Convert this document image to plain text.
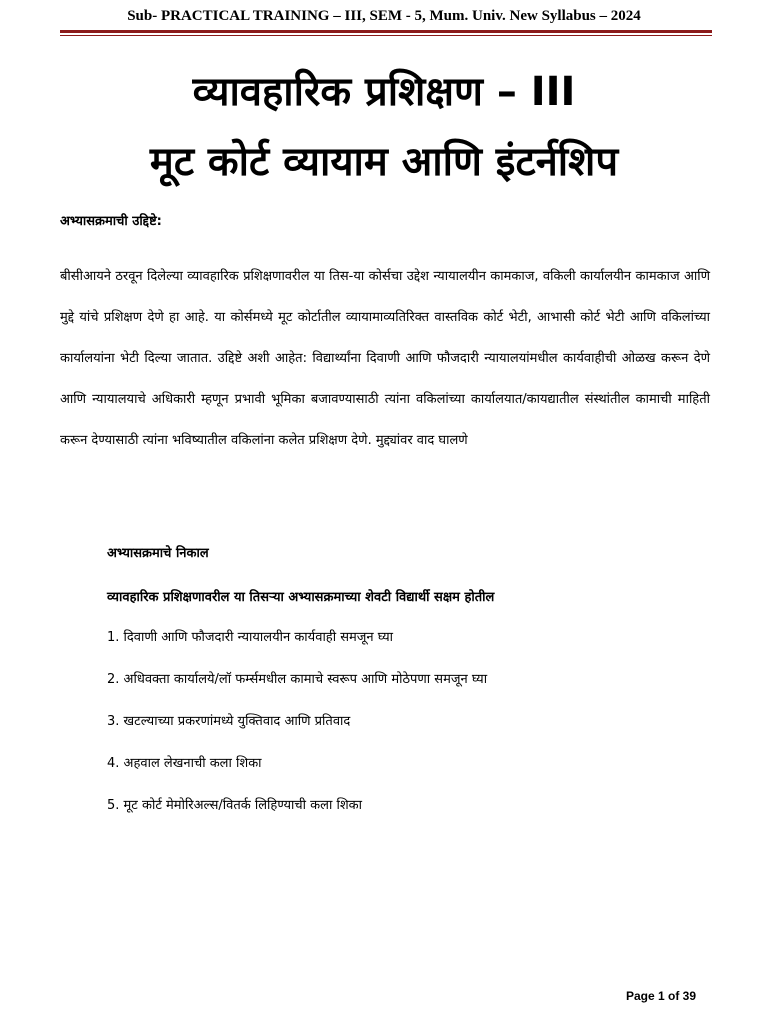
Sub- PRACTICAL TRAINING – III, SEM - 5, Mum. Univ. New Syllabus – 2024
व्यावहारिक प्रशिक्षण – III
मूट कोर्ट व्यायाम आणि इंटर्नशिप
अभ्यासक्रमाची उद्दिष्टे:

बीसीआयने ठरवून दिलेल्या व्यावहारिक प्रशिक्षणावरील या तिस-या कोर्सचा उद्देश न्यायालयीन कामकाज, वकिली कार्यालयीन कामकाज आणि मुद्दे यांचे प्रशिक्षण देणे हा आहे. या कोर्समध्ये मूट कोर्टातील व्यायामाव्यतिरिक्त वास्तविक कोर्ट भेटी, आभासी कोर्ट भेटी आणि वकिलांच्या कार्यालयांना भेटी दिल्या जातात. उद्दिष्टे अशी आहेत: विद्यार्थ्यांना दिवाणी आणि फौजदारी न्यायालयांमधील कार्यवाहीची ओळख करून देणे आणि न्यायालयाचे अधिकारी म्हणून प्रभावी भूमिका बजावण्यासाठी त्यांना वकिलांच्या कार्यालयात/कायद्यातील संस्थांतील कामाची माहिती करून देण्यासाठी त्यांना भविष्यातील वकिलांना कलेत प्रशिक्षण देणे. मुद्द्यांवर वाद घालणे

अभ्यासक्रमाचे निकाल
व्यावहारिक प्रशिक्षणावरील या तिसऱ्या अभ्यासक्रमाच्या शेवटी विद्यार्थी सक्षम होतील
1. दिवाणी आणि फौजदारी न्यायालयीन कार्यवाही समजून घ्या
2. अधिवक्ता कार्यालये/लॉ फर्म्समधील कामाचे स्वरूप आणि मोठेपणा समजून घ्या
3. खटल्याच्या प्रकरणांमध्ये युक्तिवाद आणि प्रतिवाद
4. अहवाल लेखनाची कला शिका
5. मूट कोर्ट मेमोरिअल्स/वितर्क लिहिण्याची कला शिका
Page 1 of 39
